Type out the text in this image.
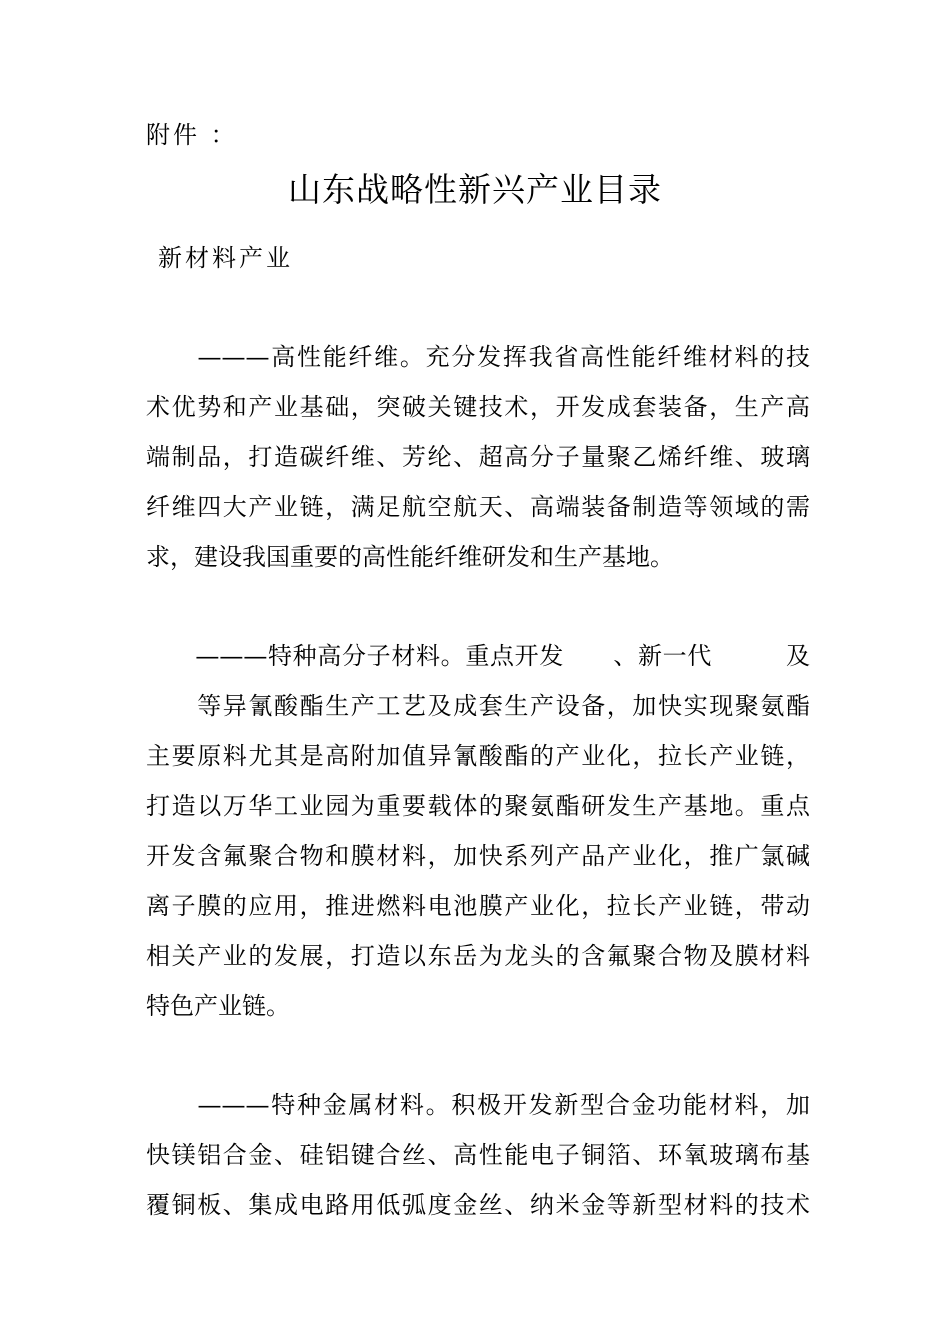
附件 ：
山东战略性新兴产业目录
新材料产业
　　———高性能纤维。充分发挥我省高性能纤维材料的技
术优势和产业基础，突破关键技术，开发成套装备，生产高
端制品，打造碳纤维、芳纶、超高分子量聚乙烯纤维、玻璃
纤维四大产业链，满足航空航天、高端装备制造等领域的需
求，建设我国重要的高性能纤维研发和生产基地。
　　———特种高分子材料。重点开发　　、新一代　　　及
　　等异氰酸酯生产工艺及成套生产设备，加快实现聚氨酯
主要原料尤其是高附加值异氰酸酯的产业化，拉长产业链，
打造以万华工业园为重要载体的聚氨酯研发生产基地。重点
开发含氟聚合物和膜材料，加快系列产品产业化，推广氯碱
离子膜的应用，推进燃料电池膜产业化，拉长产业链，带动
相关产业的发展，打造以东岳为龙头的含氟聚合物及膜材料
特色产业链。
　　———特种金属材料。积极开发新型合金功能材料，加
快镁铝合金、硅铝键合丝、高性能电子铜箔、环氧玻璃布基
覆铜板、集成电路用低弧度金丝、纳米金等新型材料的技术
